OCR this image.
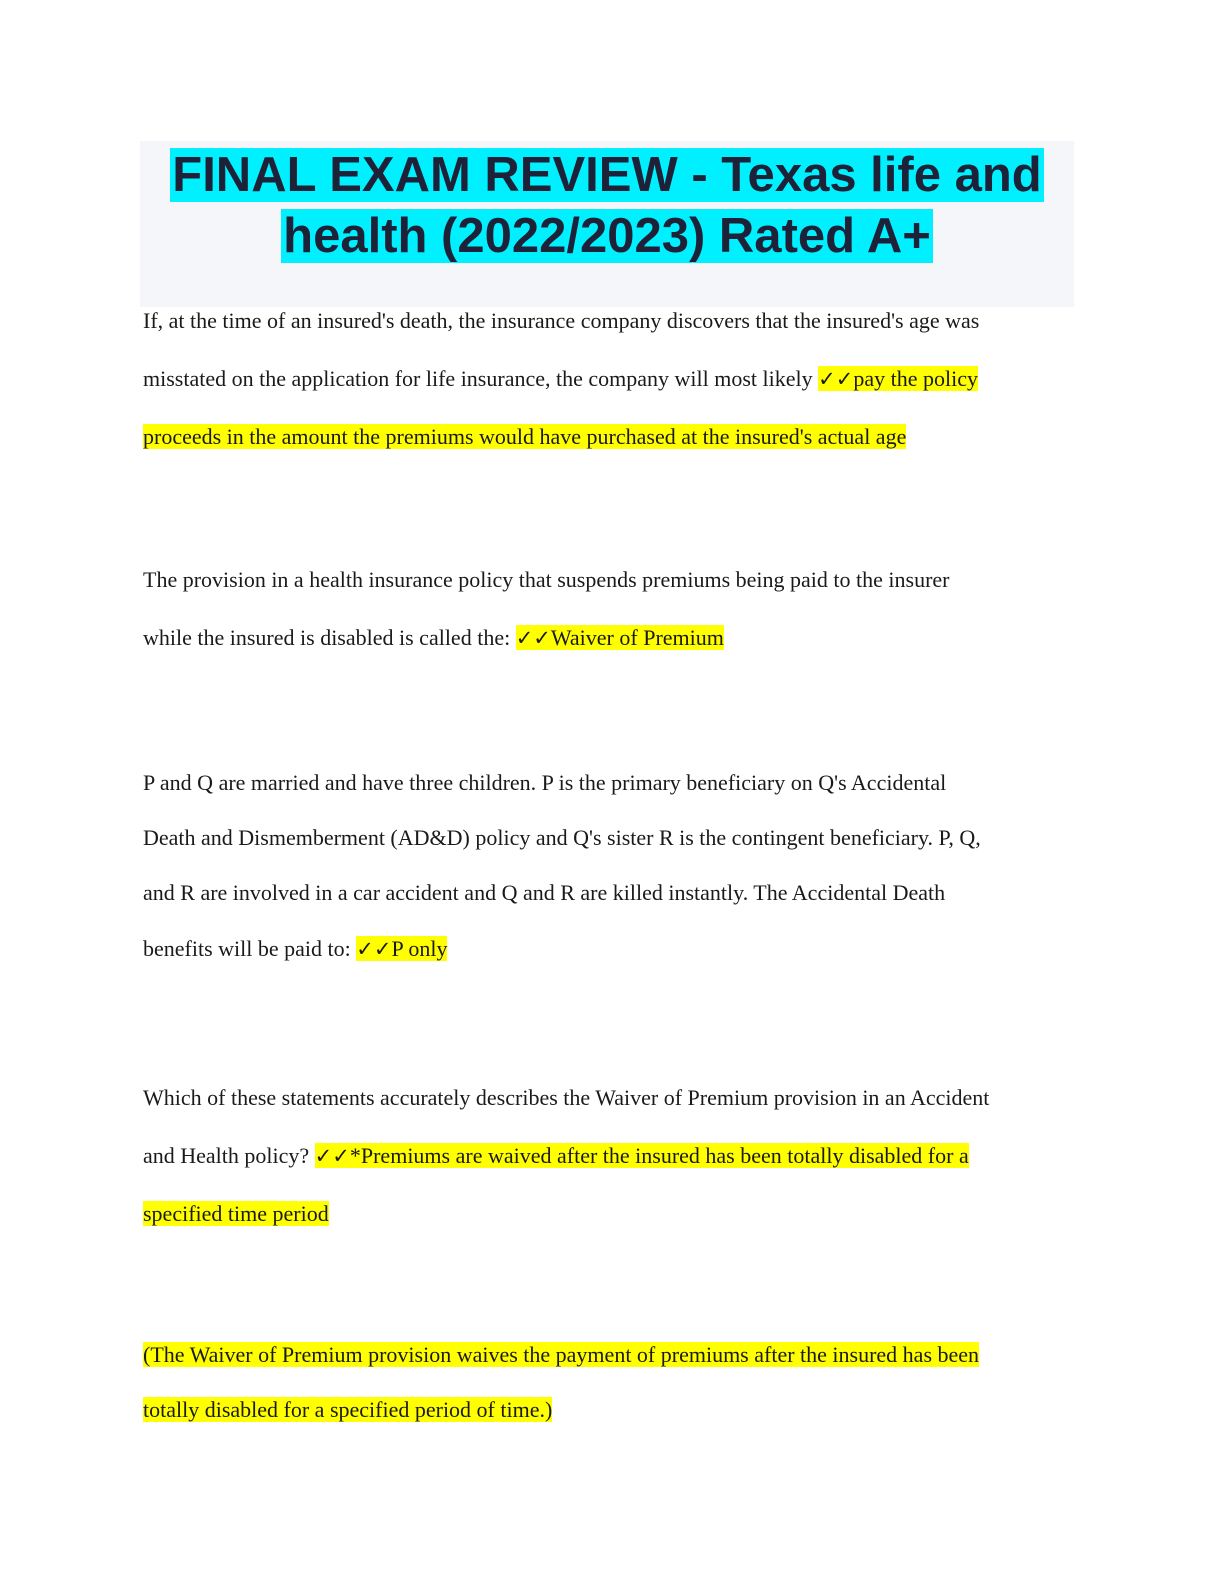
FINAL EXAM REVIEW - Texas life and
health (2022/2023) Rated A+
If, at the time of an insured's death, the insurance company discovers that the insured's age was
misstated on the application for life insurance, the company will most likely ✓✓pay the policy
proceeds in the amount the premiums would have purchased at the insured's actual age
The provision in a health insurance policy that suspends premiums being paid to the insurer
while the insured is disabled is called the: ✓✓Waiver of Premium
P and Q are married and have three children. P is the primary beneficiary on Q's Accidental
Death and Dismemberment (AD&D) policy and Q's sister R is the contingent beneficiary. P, Q,
and R are involved in a car accident and Q and R are killed instantly. The Accidental Death
benefits will be paid to: ✓✓P only
Which of these statements accurately describes the Waiver of Premium provision in an Accident
and Health policy? ✓✓*Premiums are waived after the insured has been totally disabled for a
specified time period
(The Waiver of Premium provision waives the payment of premiums after the insured has been
totally disabled for a specified period of time.)
